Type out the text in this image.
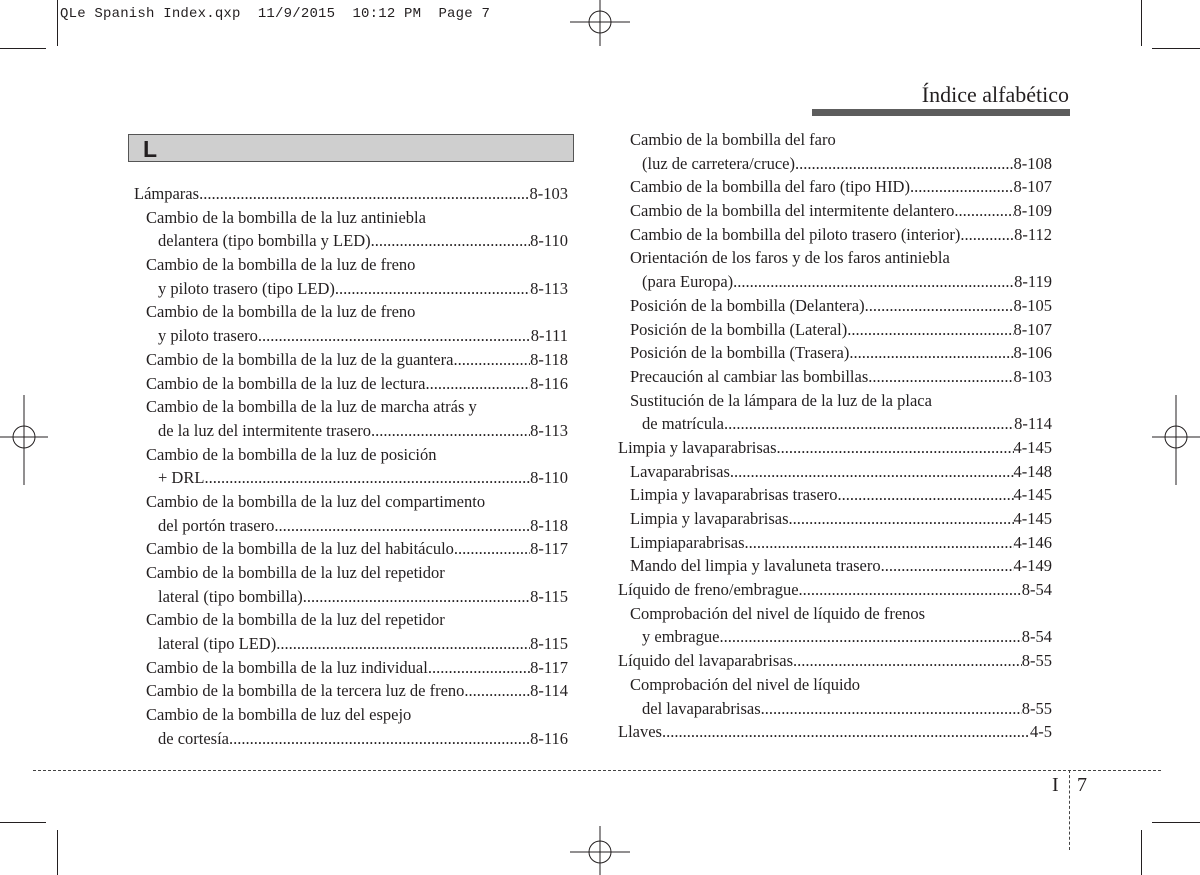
QLe Spanish Index.qxp  11/9/2015  10:12 PM  Page 7
Índice alfabético
L
Lámparas .....	8-103
Cambio de la bombilla de la luz antiniebla
delantera (tipo bombilla y LED) .....	8-110
Cambio de la bombilla de la luz de freno
y piloto trasero (tipo LED) .....	8-113
Cambio de la bombilla de la luz de freno
y piloto trasero .....	8-111
Cambio de la bombilla de la luz de la guantera .....	8-118
Cambio de la bombilla de la luz de lectura .....	8-116
Cambio de la bombilla de la luz de marcha atrás y
de la luz del intermitente trasero .....	8-113
Cambio de la bombilla de la luz de posición
+ DRL .....	8-110
Cambio de la bombilla de la luz del compartimento
del portón trasero .....	8-118
Cambio de la bombilla de la luz del habitáculo .....	8-117
Cambio de la bombilla de la luz del repetidor
lateral (tipo bombilla) .....	8-115
Cambio de la bombilla de la luz del repetidor
lateral (tipo LED) .....	8-115
Cambio de la bombilla de la luz individual .....	8-117
Cambio de la bombilla de la tercera luz de freno .....	8-114
Cambio de la bombilla de luz del espejo
de cortesía .....	8-116
Cambio de la bombilla del faro
(luz de carretera/cruce) .....	8-108
Cambio de la bombilla del faro (tipo HID) .....	8-107
Cambio de la bombilla del intermitente delantero .....	8-109
Cambio de la bombilla del piloto trasero (interior) .....	8-112
Orientación de los faros y de los faros antiniebla
(para Europa) .....	8-119
Posición de la bombilla (Delantera) .....	8-105
Posición de la bombilla (Lateral) .....	8-107
Posición de la bombilla (Trasera) .....	8-106
Precaución al cambiar las bombillas .....	8-103
Sustitución de la lámpara de la luz de la placa
de matrícula .....	8-114
Limpia y lavaparabrisas .....	4-145
Lavaparabrisas .....	4-148
Limpia y lavaparabrisas trasero .....	4-145
Limpia y lavaparabrisas .....	4-145
Limpiaparabrisas .....	4-146
Mando del limpia y lavaluneta trasero .....	4-149
Líquido de freno/embrague .....	8-54
Comprobación del nivel de líquido de frenos
y embrague .....	8-54
Líquido del lavaparabrisas .....	8-55
Comprobación del nivel de líquido
del lavaparabrisas .....	8-55
Llaves .....	4-5
I 7
